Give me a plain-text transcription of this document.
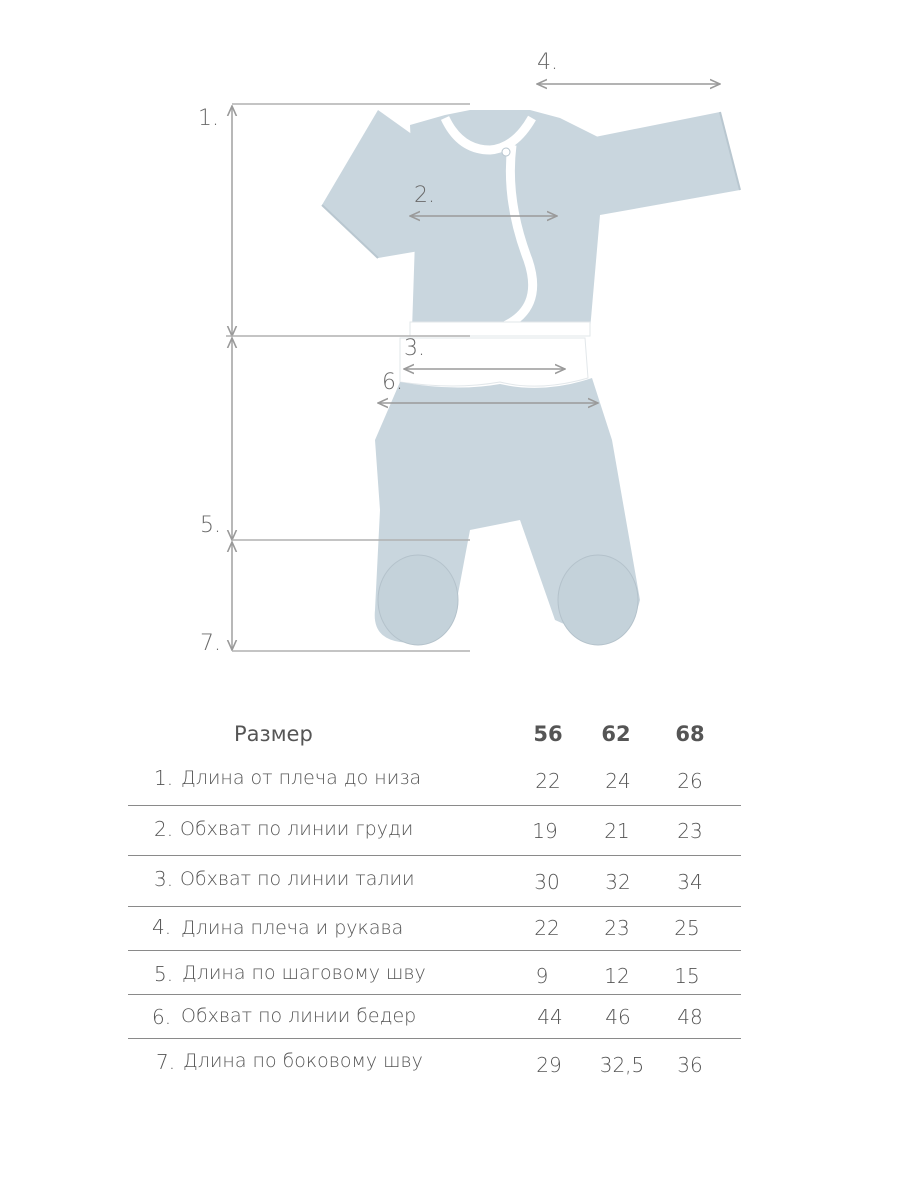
1.
2.
3.
4.
5.
6.
7.
Размер	56 62 68
1. Длина от плеча до низа	22	24	26
2. Обхват по линии груди	19	21	23
3. Обхват по линии талии	30	32	34
4. Длина плеча и рукава	22	23	25
5. Длина по шаговому шву	9	12	15
6. Обхват по линии бедер	44	46	48
7. Длина по боковому шву	29	32,5	36
